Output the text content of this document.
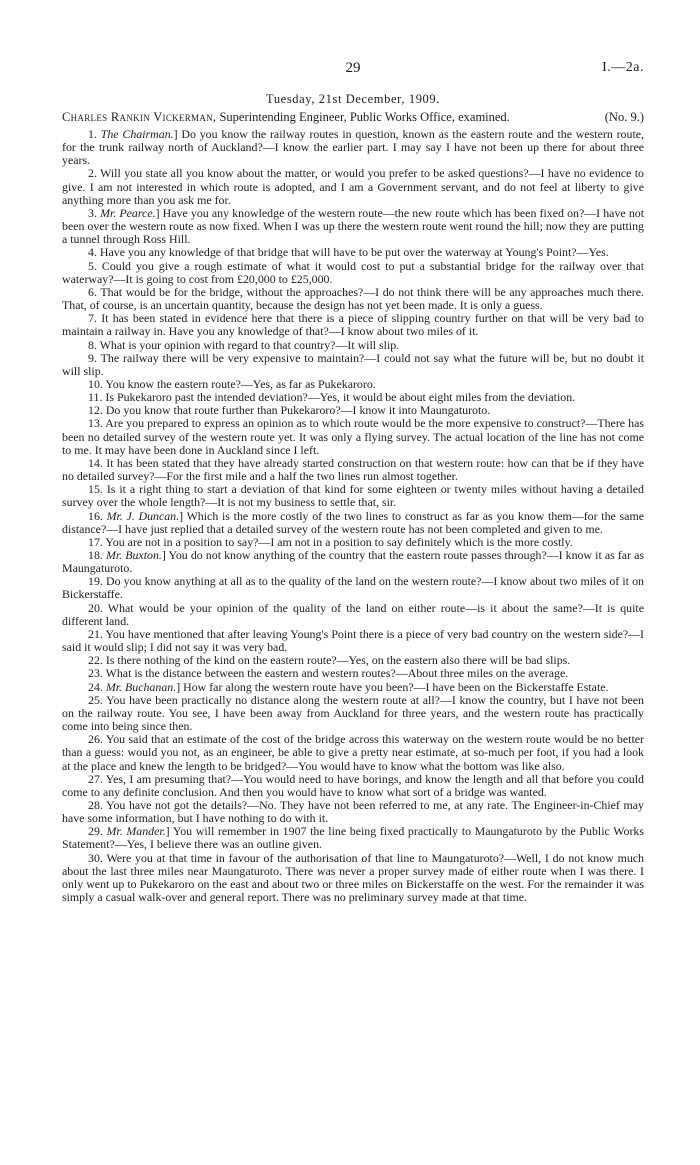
29	I.—2a.
Tuesday, 21st December, 1909.
Charles Rankin Vickerman, Superintending Engineer, Public Works Office, examined.	(No. 9.)

1. The Chairman.] Do you know the railway routes in question, known as the eastern route and the western route, for the trunk railway north of Auckland?—I know the earlier part. I may say I have not been up there for about three years.

2. Will you state all you know about the matter, or would you prefer to be asked questions?—I have no evidence to give. I am not interested in which route is adopted, and I am a Government servant, and do not feel at liberty to give anything more than you ask me for.

3. Mr. Pearce.] Have you any knowledge of the western route—the new route which has been fixed on?—I have not been over the western route as now fixed. When I was up there the western route went round the hill; now they are putting a tunnel through Ross Hill.

4. Have you any knowledge of that bridge that will have to be put over the waterway at Young's Point?—Yes.

5. Could you give a rough estimate of what it would cost to put a substantial bridge for the railway over that waterway?—It is going to cost from £20,000 to £25,000.

6. That would be for the bridge, without the approaches?—I do not think there will be any approaches much there. That, of course, is an uncertain quantity, because the design has not yet been made. It is only a guess.

7. It has been stated in evidence here that there is a piece of slipping country further on that will be very bad to maintain a railway in. Have you any knowledge of that?—I know about two miles of it.

8. What is your opinion with regard to that country?—It will slip.

9. The railway there will be very expensive to maintain?—I could not say what the future will be, but no doubt it will slip.

10. You know the eastern route?—Yes, as far as Pukekaroro.

11. Is Pukekaroro past the intended deviation?—Yes, it would be about eight miles from the deviation.

12. Do you know that route further than Pukekaroro?—I know it into Maungaturoto.

13. Are you prepared to express an opinion as to which route would be the more expensive to construct?—There has been no detailed survey of the western route yet. It was only a flying survey. The actual location of the line has not come to me. It may have been done in Auckland since I left.

14. It has been stated that they have already started construction on that western route: how can that be if they have no detailed survey?—For the first mile and a half the two lines run almost together.

15. Is it a right thing to start a deviation of that kind for some eighteen or twenty miles without having a detailed survey over the whole length?—It is not my business to settle that, sir.

16. Mr. J. Duncan.] Which is the more costly of the two lines to construct as far as you know them—for the same distance?—I have just replied that a detailed survey of the western route has not been completed and given to me.

17. You are not in a position to say?—I am not in a position to say definitely which is the more costly.

18. Mr. Buxton.] You do not know anything of the country that the eastern route passes through?—I know it as far as Maungaturoto.

19. Do you know anything at all as to the quality of the land on the western route?—I know about two miles of it on Bickerstaffe.

20. What would be your opinion of the quality of the land on either route—is it about the same?—It is quite different land.

21. You have mentioned that after leaving Young's Point there is a piece of very bad country on the western side?—I said it would slip; I did not say it was very bad.

22. Is there nothing of the kind on the eastern route?—Yes, on the eastern also there will be bad slips.

23. What is the distance between the eastern and western routes?—About three miles on the average.

24. Mr. Buchanan.] How far along the western route have you been?—I have been on the Bickerstaffe Estate.

25. You have been practically no distance along the western route at all?—I know the country, but I have not been on the railway route. You see, I have been away from Auckland for three years, and the western route has practically come into being since then.

26. You said that an estimate of the cost of the bridge across this waterway on the western route would be no better than a guess: would you not, as an engineer, be able to give a pretty near estimate, at so-much per foot, if you had a look at the place and knew the length to be bridged?—You would have to know what the bottom was like also.

27. Yes, I am presuming that?—You would need to have borings, and know the length and all that before you could come to any definite conclusion. And then you would have to know what sort of a bridge was wanted.

28. You have not got the details?—No. They have not been referred to me, at any rate. The Engineer-in-Chief may have some information, but I have nothing to do with it.

29. Mr. Mander.] You will remember in 1907 the line being fixed practically to Maungaturoto by the Public Works Statement?—Yes, I believe there was an outline given.

30. Were you at that time in favour of the authorisation of that line to Maungaturoto?—Well, I do not know much about the last three miles near Maungaturoto. There was never a proper survey made of either route when I was there. I only went up to Pukekaroro on the east and about two or three miles on Bickerstaffe on the west. For the remainder it was simply a casual walk-over and general report. There was no preliminary survey made at that time.
